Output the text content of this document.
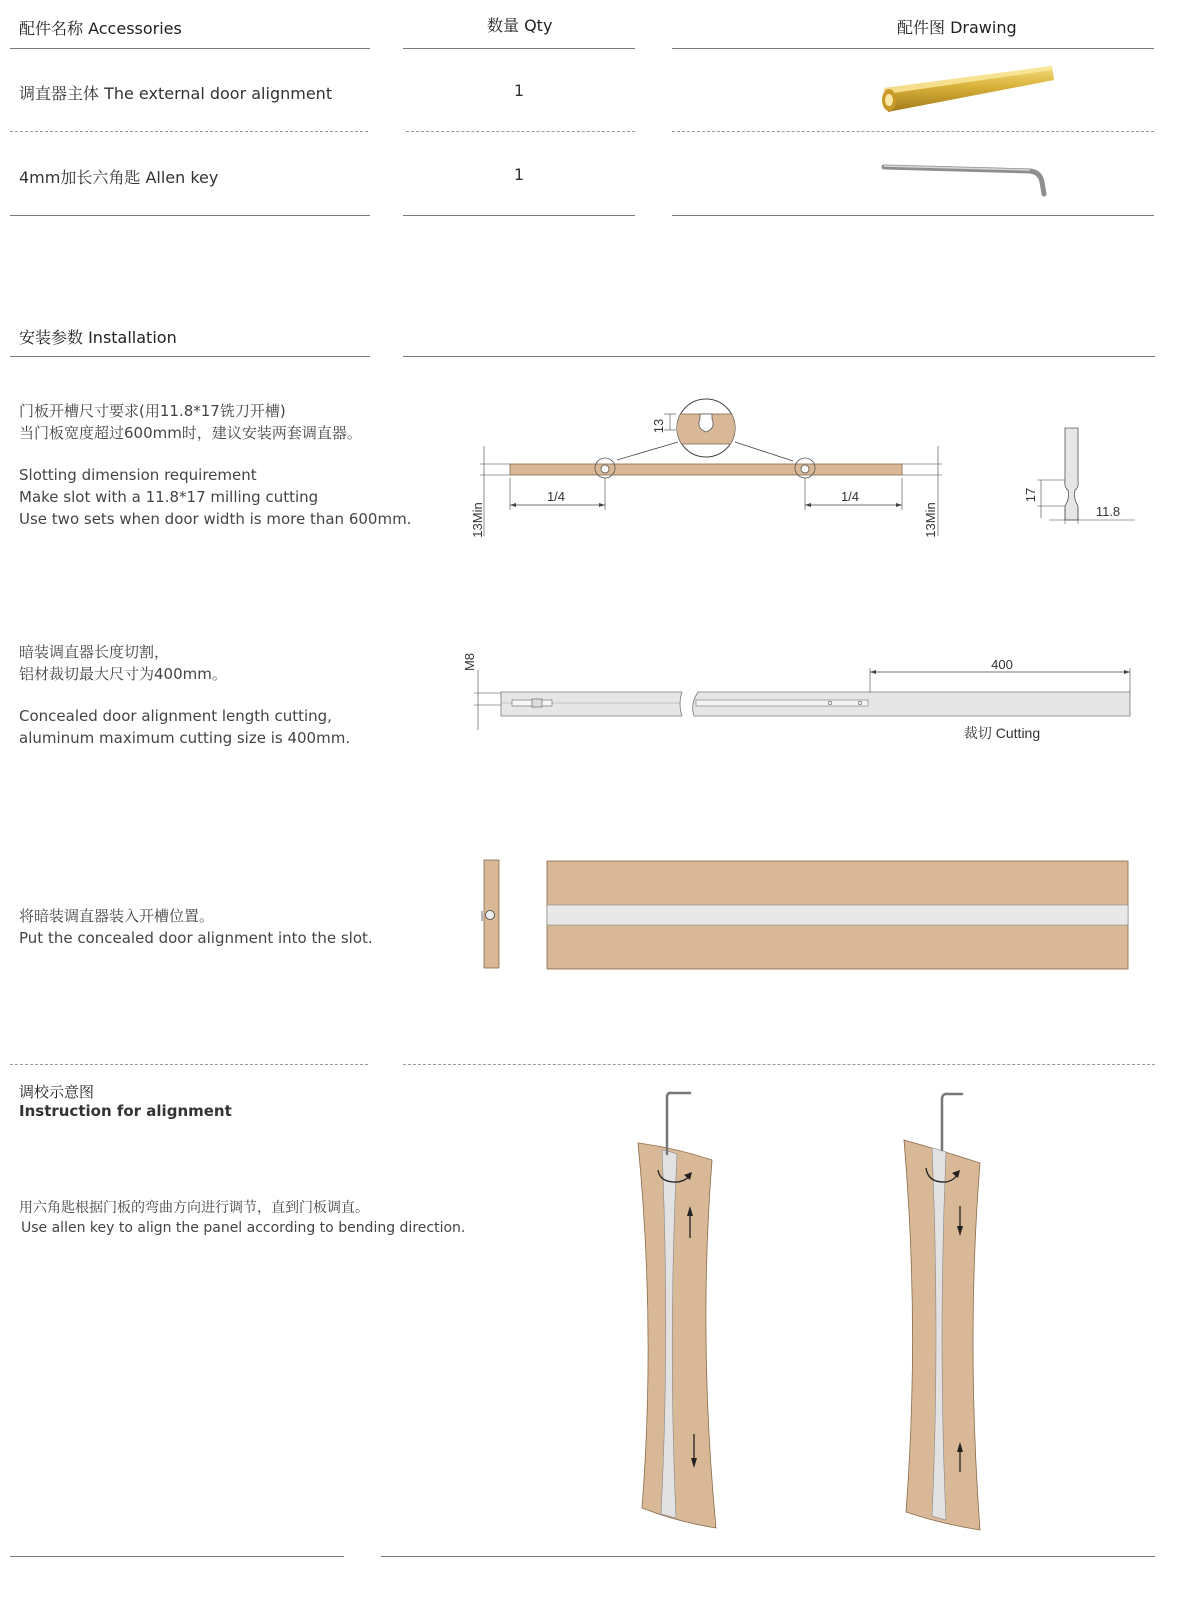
配件名称 Accessories	数量 Qty	配件图 Drawing
调直器主体 The external door alignment	1
4mm加长六角匙 Allen key	1
安装参数 Installation
门板开槽尺寸要求(用11.8*17铣刀开槽)
当门板宽度超过600mm时，建议安装两套调直器。
Slotting dimension requirement
Make slot with a 11.8*17 milling cutting
Use two sets when door width is more than 600mm.
13
1/4	1/4
13Min	13Min
17
11.8
暗装调直器长度切割，
铝材裁切最大尺寸为400mm。
Concealed door alignment length cutting,
aluminum maximum cutting size is 400mm.
M8	400
裁切 Cutting
将暗装调直器装入开槽位置。
Put the concealed door alignment into the slot.
调校示意图
Instruction for alignment
用六角匙根据门板的弯曲方向进行调节，直到门板调直。
Use allen key to align the panel according to bending direction.
